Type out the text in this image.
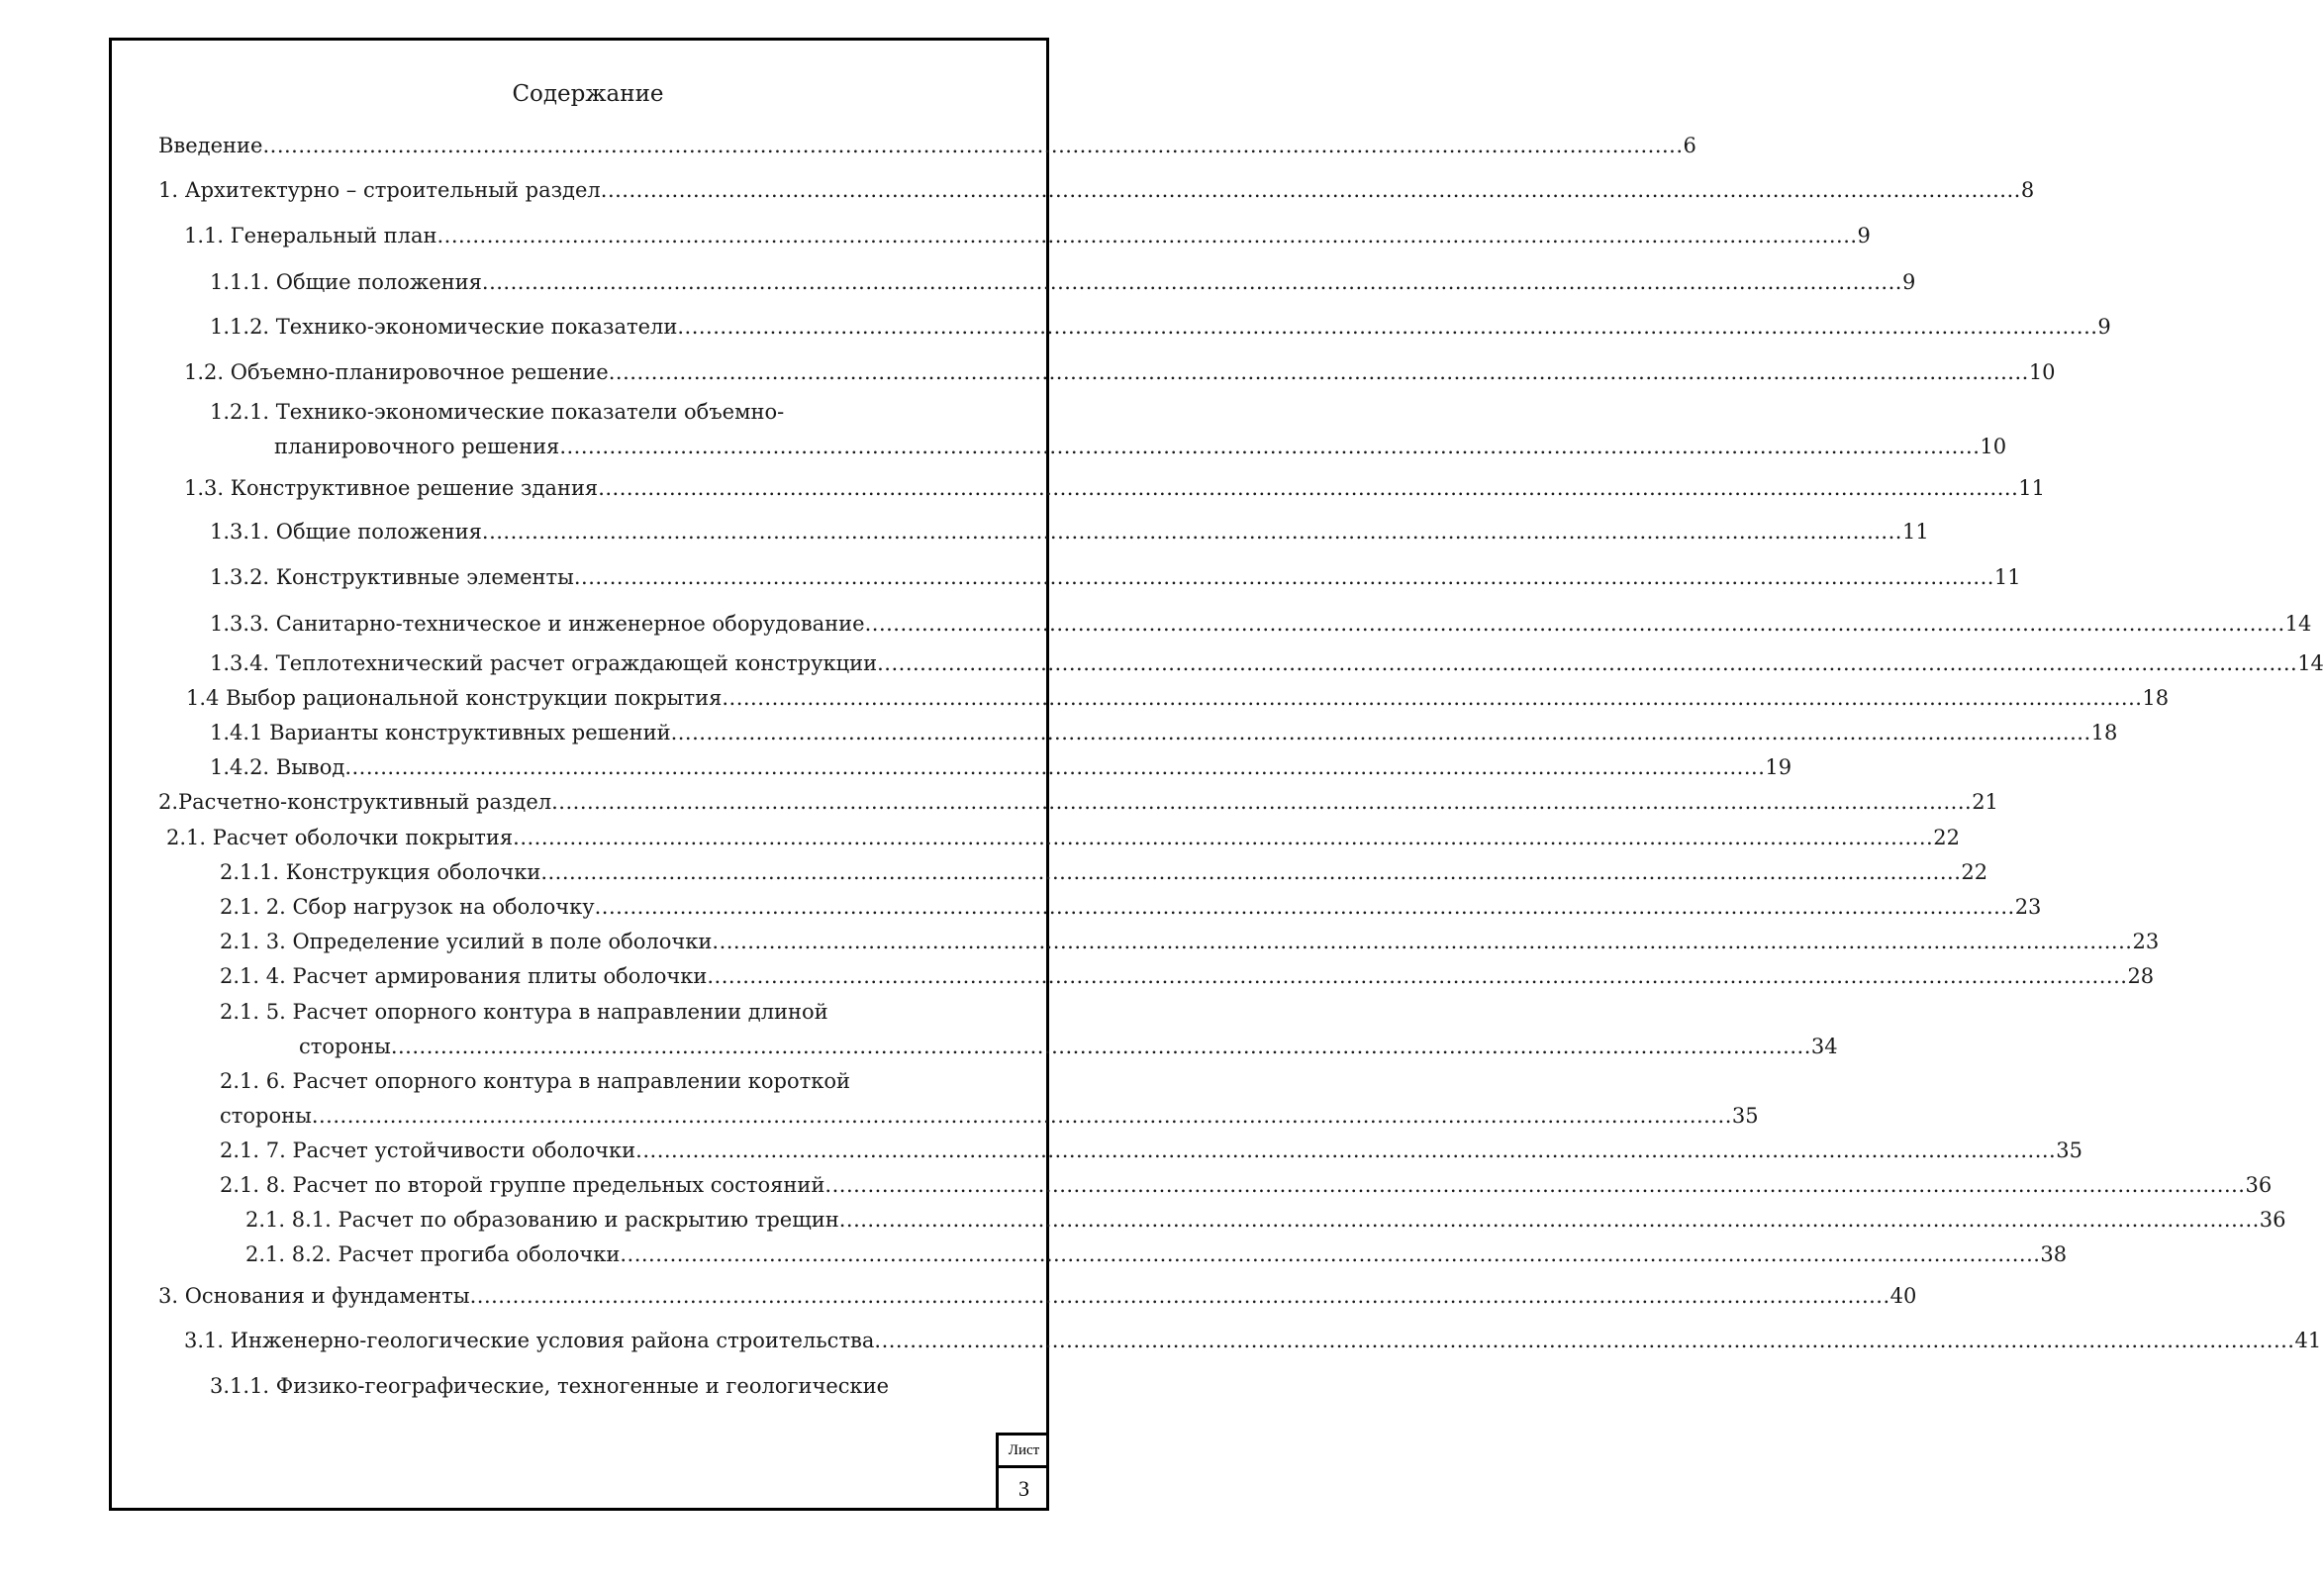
Содержание
Введение ........................................................................................................................................................................................................ 6
1. Архитектурно – строительный раздел ........................................................................................................................................................................................................ 8
1.1. Генеральный план ........................................................................................................................................................................................................ 9
1.1.1. Общие положения ........................................................................................................................................................................................................ 9
1.1.2. Технико-экономические показатели ........................................................................................................................................................................................................ 9
1.2. Объемно-планировочное решение ........................................................................................................................................................................................................ 10
1.2.1. Технико-экономические показатели объемно-
планировочного решения ........................................................................................................................................................................................................ 10
1.3. Конструктивное решение здания ........................................................................................................................................................................................................ 11
1.3.1. Общие положения ........................................................................................................................................................................................................ 11
1.3.2. Конструктивные элементы ........................................................................................................................................................................................................ 11
1.3.3. Санитарно-техническое и инженерное оборудование ........................................................................................................................................................................................................ 14
1.3.4. Теплотехнический расчет ограждающей конструкции ........................................................................................................................................................................................................ 14
1.4 Выбор рациональной конструкции покрытия ........................................................................................................................................................................................................ 18
1.4.1 Варианты конструктивных решений ........................................................................................................................................................................................................ 18
1.4.2. Вывод ........................................................................................................................................................................................................ 19
2.Расчетно-конструктивный раздел ........................................................................................................................................................................................................ 21
2.1. Расчет оболочки покрытия ........................................................................................................................................................................................................ 22
2.1.1. Конструкция оболочки ........................................................................................................................................................................................................ 22
2.1. 2. Сбор нагрузок на оболочку ........................................................................................................................................................................................................ 23
2.1. 3. Определение усилий в поле оболочки ........................................................................................................................................................................................................ 23
2.1. 4. Расчет армирования плиты оболочки ........................................................................................................................................................................................................ 28
2.1. 5. Расчет опорного контура в направлении длиной
стороны ........................................................................................................................................................................................................ 34
2.1. 6. Расчет опорного контура в направлении короткой
стороны ........................................................................................................................................................................................................ 35
2.1. 7. Расчет устойчивости оболочки ........................................................................................................................................................................................................ 35
2.1. 8. Расчет по второй группе предельных состояний ........................................................................................................................................................................................................ 36
2.1. 8.1. Расчет по образованию и раскрытию трещин ........................................................................................................................................................................................................ 36
2.1. 8.2. Расчет прогиба оболочки ........................................................................................................................................................................................................ 38
3. Основания и фундаменты ........................................................................................................................................................................................................ 40
3.1. Инженерно-геологические условия района строительства ........................................................................................................................................................................................................ 41
3.1.1. Физико-географические, техногенные и геологические
Лист
3
